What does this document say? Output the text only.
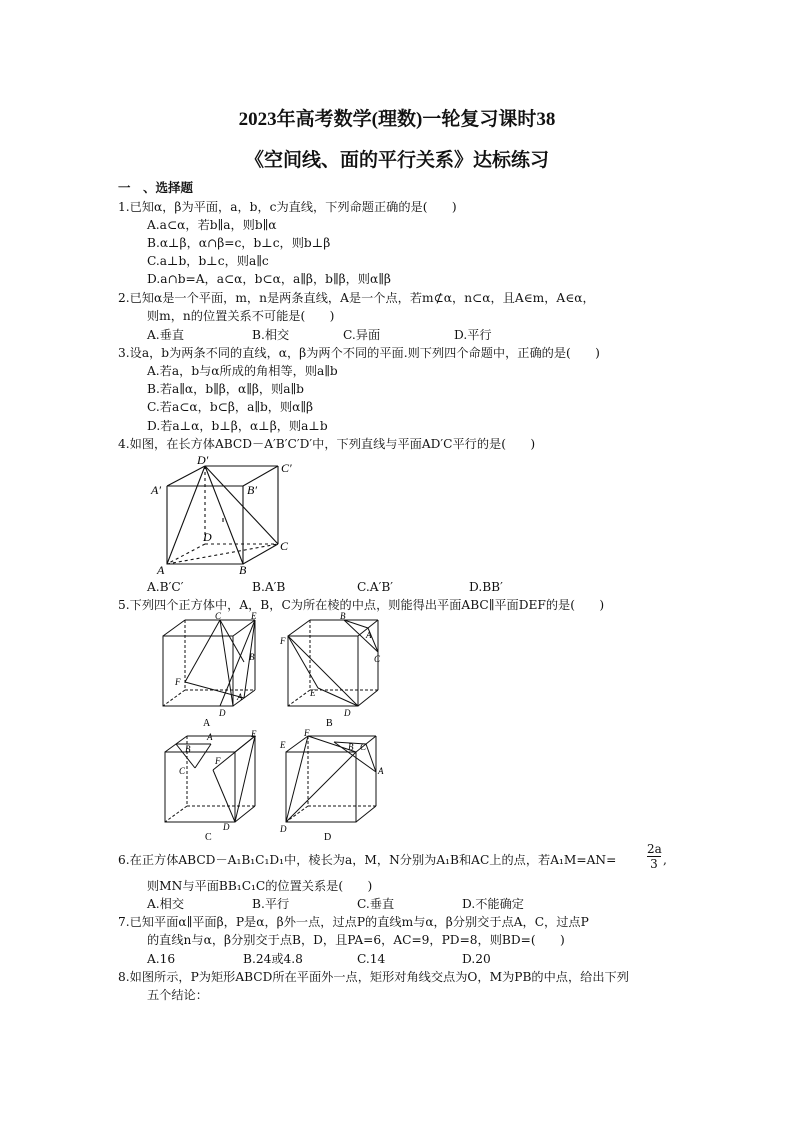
2023年高考数学(理数)一轮复习课时38
《空间线、面的平行关系》达标练习
一　、选择题
1.已知α，β为平面，a，b，c为直线，下列命题正确的是(　　)
A.a⊂α，若b∥a，则b∥α
B.α⊥β，α∩β=c，b⊥c，则b⊥β
C.a⊥b，b⊥c，则a∥c
D.a∩b=A，a⊂α，b⊂α，a∥β，b∥β，则α∥β
2.已知α是一个平面，m，n是两条直线，A是一个点，若m⊄α，n⊂α，且A∈m，A∈α，
则m，n的位置关系不可能是(　　)
A.垂直	B.相交	C.异面	D.平行
3.设a，b为两条不同的直线，α，β为两个不同的平面.则下列四个命题中，正确的是(　　)
A.若a，b与α所成的角相等，则a∥b
B.若a∥α，b∥β，α∥β，则a∥b
C.若a⊂α，b⊂β，a∥b，则α∥β
D.若a⊥α，b⊥β，α⊥β，则a⊥b
4.如图，在长方体ABCD－A′B′C′D′中，下列直线与平面AD′C平行的是(　　)
D′
C′
A′	B′
D
C
A	B
A.B′C′	B.A′B	C.A′B′	D.BB′
5.下列四个正方体中，A，B，C为所在棱的中点，则能得出平面ABC∥平面DEF的是(　　)
C	E
B
F
A
D
A
B
A
C
F
E
D
B
B
A
C
F
E
D
C
F
E	B
A
C
D
D
6.在正方体ABCD－A₁B₁C₁D₁中，棱长为a，M，N分别为A₁B和AC上的点，若A₁M=AN=	$\frac{2a}{3}$ ,
则MN与平面BB₁C₁C的位置关系是(　　)
A.相交	B.平行	C.垂直	D.不能确定
7.已知平面α∥平面β，P是α，β外一点，过点P的直线m与α，β分别交于点A，C，过点P
的直线n与α，β分别交于点B，D，且PA=6，AC=9，PD=8，则BD=(　　)
A.16	B.24或4.8	C.14	D.20
8.如图所示，P为矩形ABCD所在平面外一点，矩形对角线交点为O，M为PB的中点，给出下列
五个结论：
